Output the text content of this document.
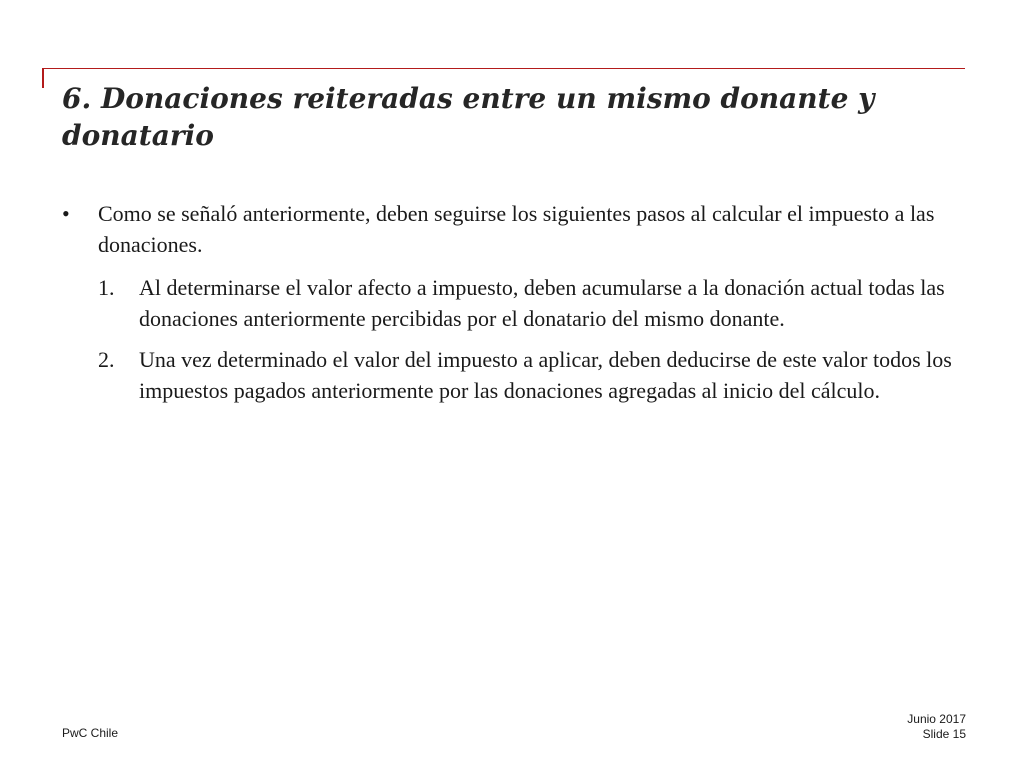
6. Donaciones reiteradas entre un mismo donante y donatario
•	Como se señaló anteriormente, deben seguirse los siguientes pasos al calcular el impuesto a las donaciones.
1.	Al determinarse el valor afecto a impuesto, deben acumularse a la donación actual todas las donaciones anteriormente percibidas por el donatario del mismo donante.
2.	Una vez determinado el valor del impuesto a aplicar, deben deducirse de este valor todos los impuestos pagados anteriormente por las donaciones agregadas al inicio del cálculo.
PwC Chile
Junio 2017
Slide 15
